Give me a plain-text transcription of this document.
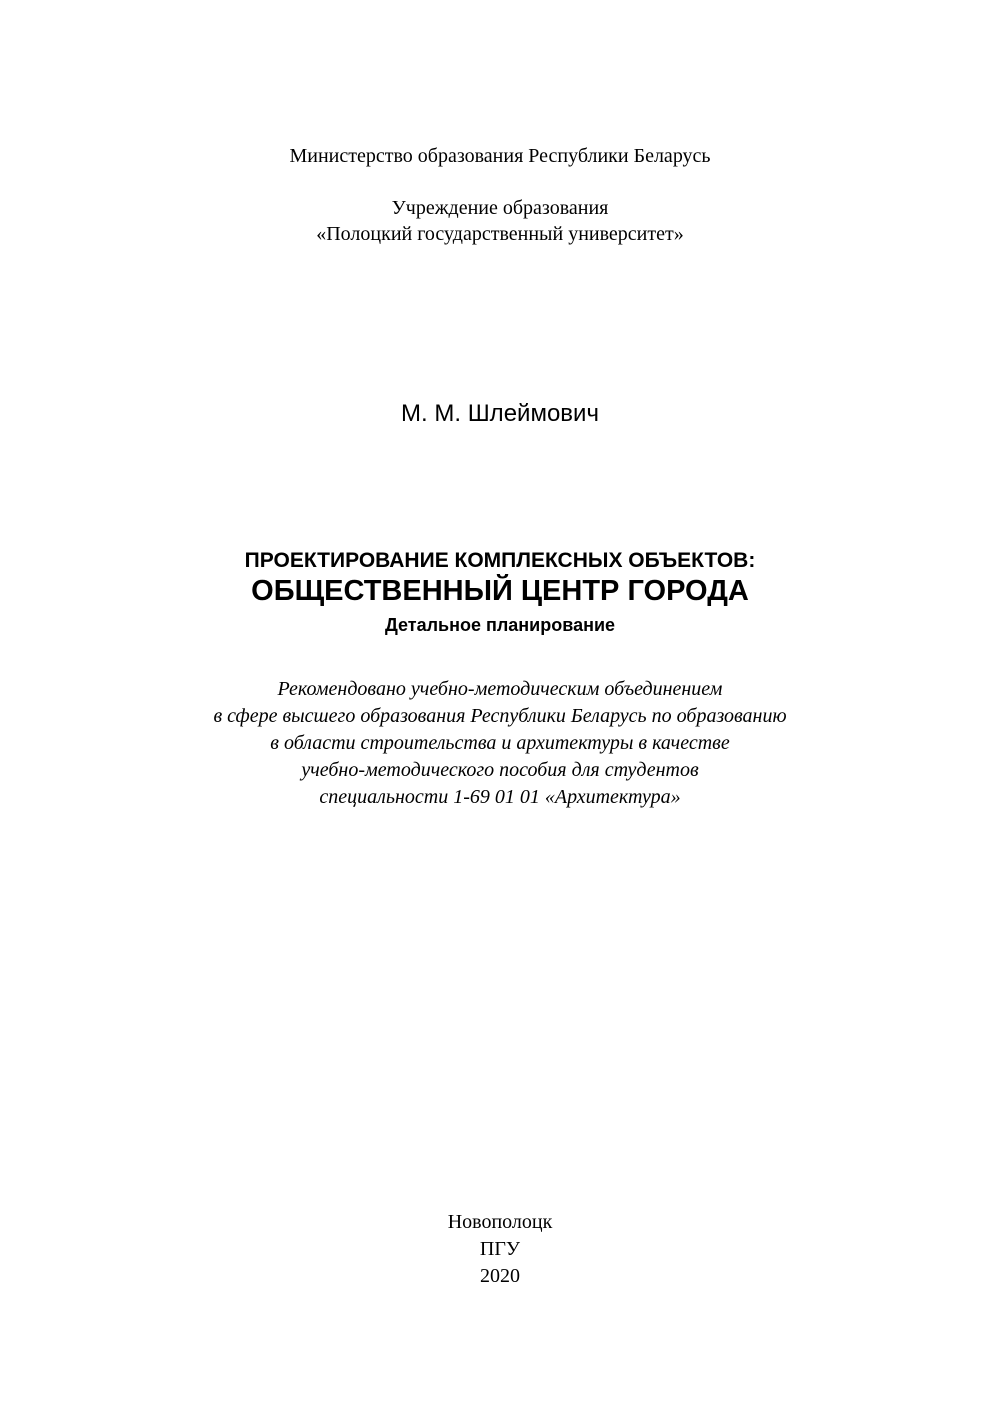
Министерство образования Республики Беларусь

Учреждение образования

«Полоцкий государственный университет»

М. М. Шлеймович

ПРОЕКТИРОВАНИЕ КОМПЛЕКСНЫХ ОБЪЕКТОВ:

ОБЩЕСТВЕННЫЙ ЦЕНТР ГОРОДА

Детальное планирование

Рекомендовано учебно-методическим объединением

в сфере высшего образования Республики Беларусь по образованию

в области строительства и архитектуры в качестве

учебно-методического пособия для студентов

специальности 1-69 01 01 «Архитектура»

Новополоцк

ПГУ

2020
